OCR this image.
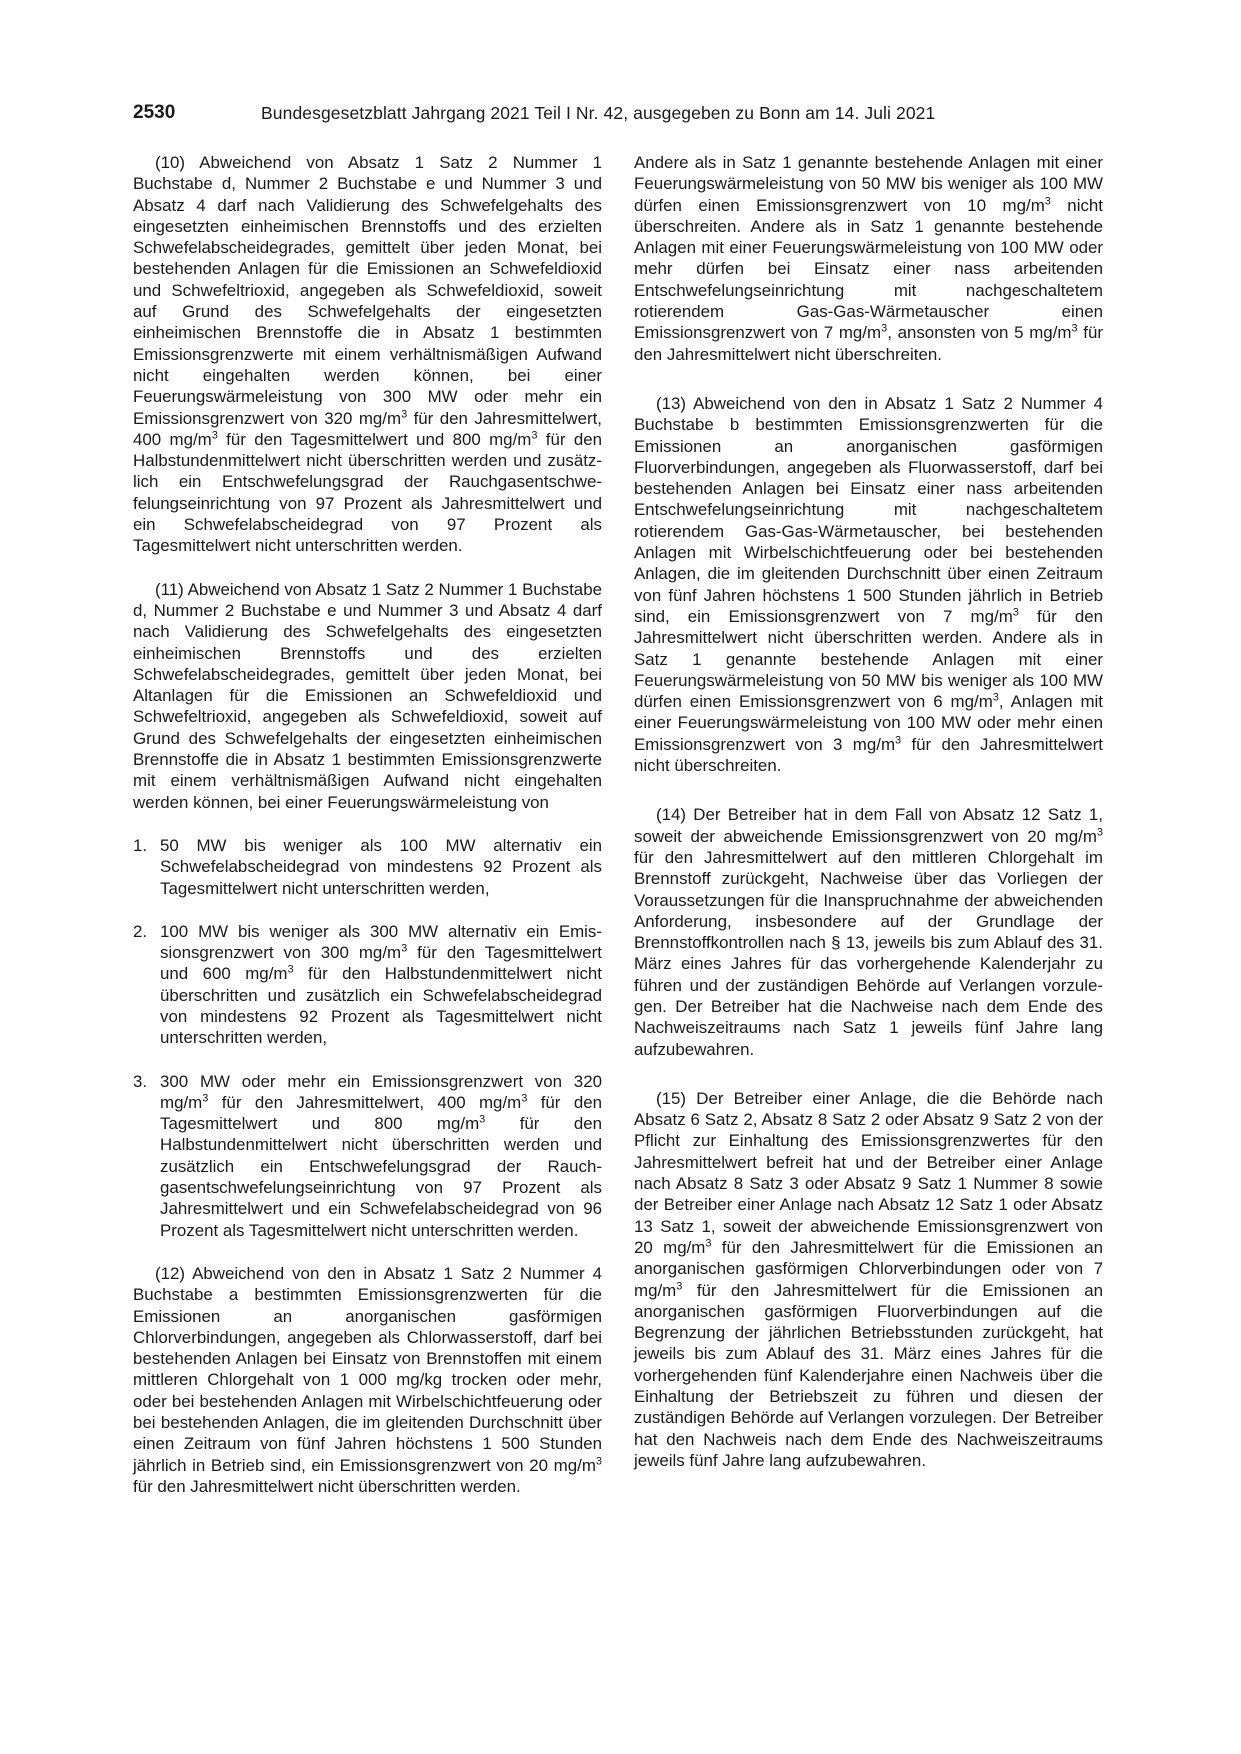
2530	Bundesgesetzblatt Jahrgang 2021 Teil I Nr. 42, ausgegeben zu Bonn am 14. Juli 2021

(10) Abweichend von Absatz 1 Satz 2 Nummer 1 Buchstabe d, Nummer 2 Buchstabe e und Nummer 3 und Absatz 4 darf nach Validierung des Schwefelgehalts des eingesetzten einheimischen Brennstoffs und des erzielten Schwefelabscheidegrades, gemittelt über jeden Monat, bei bestehenden Anlagen für die Emissionen an Schwefeldioxid und Schwefeltrioxid, angegeben als Schwefeldioxid, soweit auf Grund des Schwefelgehalts der eingesetzten einheimischen Brennstoffe die in Absatz 1 bestimmten Emissionsgrenzwerte mit einem verhältnismäßigen Aufwand nicht eingehalten werden können, bei einer Feuerungswärmeleistung von 300 MW oder mehr ein Emissionsgrenzwert von 320 $mg/m^3$ für den Jahresmittelwert, 400 $mg/m^3$ für den Tagesmittelwert und 800 $mg/m^3$ für den Halbstundenmittelwert nicht überschritten werden und zusätzlich ein Entschwefelungsgrad der Rauchgasentschwefelungseinrichtung von 97 Prozent als Jahresmittelwert und ein Schwefelabscheidegrad von 97 Prozent als Tagesmittelwert nicht unterschritten werden.

(11) Abweichend von Absatz 1 Satz 2 Nummer 1 Buchstabe d, Nummer 2 Buchstabe e und Nummer 3 und Absatz 4 darf nach Validierung des Schwefelgehalts des eingesetzten einheimischen Brennstoffs und des erzielten Schwefelabscheidegrades, gemittelt über jeden Monat, bei Altanlagen für die Emissionen an Schwefeldioxid und Schwefeltrioxid, angegeben als Schwefeldioxid, soweit auf Grund des Schwefelgehalts der eingesetzten einheimischen Brennstoffe die in Absatz 1 bestimmten Emissionsgrenzwerte mit einem verhältnismäßigen Aufwand nicht eingehalten werden können, bei einer Feuerungswärmeleistung von

1. 50 MW bis weniger als 100 MW alternativ ein Schwefelabscheidegrad von mindestens 92 Prozent als Tagesmittelwert nicht unterschritten werden,
2. 100 MW bis weniger als 300 MW alternativ ein Emissionsgrenzwert von 300 $mg/m^3$ für den Tagesmittelwert und 600 $mg/m^3$ für den Halbstundenmittelwert nicht überschritten und zusätzlich ein Schwefelabscheidegrad von mindestens 92 Prozent als Tagesmittelwert nicht unterschritten werden,
3. 300 MW oder mehr ein Emissionsgrenzwert von 320 $mg/m^3$ für den Jahresmittelwert, 400 $mg/m^3$ für den Tagesmittelwert und 800 $mg/m^3$ für den Halbstundenmittelwert nicht überschritten werden und zusätzlich ein Entschwefelungsgrad der Rauchgasentschwefelungseinrichtung von 97 Prozent als Jahresmittelwert und ein Schwefelabscheidegrad von 96 Prozent als Tagesmittelwert nicht unterschritten werden.

(12) Abweichend von den in Absatz 1 Satz 2 Nummer 4 Buchstabe a bestimmten Emissionsgrenzwerten für die Emissionen an anorganischen gasförmigen Chlorverbindungen, angegeben als Chlorwasserstoff, darf bei bestehenden Anlagen bei Einsatz von Brennstoffen mit einem mittleren Chlorgehalt von 1 000 mg/kg trocken oder mehr, oder bei bestehenden Anlagen mit Wirbelschichtfeuerung oder bei bestehenden Anlagen, die im gleitenden Durchschnitt über einen Zeitraum von fünf Jahren höchstens 1 500 Stunden jährlich in Betrieb sind, ein Emissionsgrenzwert von 20 $mg/m^3$ für den Jahresmittelwert nicht überschritten werden.

Andere als in Satz 1 genannte bestehende Anlagen mit einer Feuerungswärmeleistung von 50 MW bis weniger als 100 MW dürfen einen Emissionsgrenzwert von 10 $mg/m^3$ nicht überschreiten. Andere als in Satz 1 genannte bestehende Anlagen mit einer Feuerungswärmeleistung von 100 MW oder mehr dürfen bei Einsatz einer nass arbeitenden Entschwefelungseinrichtung mit nachgeschaltetem rotierendem Gas-Gas-Wärmetauscher einen Emissionsgrenzwert von 7 $mg/m^3$, ansonsten von 5 $mg/m^3$ für den Jahresmittelwert nicht überschreiten.

(13) Abweichend von den in Absatz 1 Satz 2 Nummer 4 Buchstabe b bestimmten Emissionsgrenzwerten für die Emissionen an anorganischen gasförmigen Fluorverbindungen, angegeben als Fluorwasserstoff, darf bei bestehenden Anlagen bei Einsatz einer nass arbeitenden Entschwefelungseinrichtung mit nachgeschaltetem rotierendem Gas-Gas-Wärmetauscher, bei bestehenden Anlagen mit Wirbelschichtfeuerung oder bei bestehenden Anlagen, die im gleitenden Durchschnitt über einen Zeitraum von fünf Jahren höchstens 1 500 Stunden jährlich in Betrieb sind, ein Emissionsgrenzwert von 7 $mg/m^3$ für den Jahresmittelwert nicht überschritten werden. Andere als in Satz 1 genannte bestehende Anlagen mit einer Feuerungswärmeleistung von 50 MW bis weniger als 100 MW dürfen einen Emissionsgrenzwert von 6 $mg/m^3$, Anlagen mit einer Feuerungswärmeleistung von 100 MW oder mehr einen Emissionsgrenzwert von 3 $mg/m^3$ für den Jahresmittelwert nicht überschreiten.

(14) Der Betreiber hat in dem Fall von Absatz 12 Satz 1, soweit der abweichende Emissionsgrenzwert von 20 $mg/m^3$ für den Jahresmittelwert auf den mittleren Chlorgehalt im Brennstoff zurückgeht, Nachweise über das Vorliegen der Voraussetzungen für die Inanspruchnahme der abweichenden Anforderung, insbesondere auf der Grundlage der Brennstoffkontrollen nach § 13, jeweils bis zum Ablauf des 31. März eines Jahres für das vorhergehende Kalenderjahr zu führen und der zuständigen Behörde auf Verlangen vorzulegen. Der Betreiber hat die Nachweise nach dem Ende des Nachweiszeitraums nach Satz 1 jeweils fünf Jahre lang aufzubewahren.

(15) Der Betreiber einer Anlage, die die Behörde nach Absatz 6 Satz 2, Absatz 8 Satz 2 oder Absatz 9 Satz 2 von der Pflicht zur Einhaltung des Emissionsgrenzwertes für den Jahresmittelwert befreit hat und der Betreiber einer Anlage nach Absatz 8 Satz 3 oder Absatz 9 Satz 1 Nummer 8 sowie der Betreiber einer Anlage nach Absatz 12 Satz 1 oder Absatz 13 Satz 1, soweit der abweichende Emissionsgrenzwert von 20 $mg/m^3$ für den Jahresmittelwert für die Emissionen an anorganischen gasförmigen Chlorverbindungen oder von 7 $mg/m^3$ für den Jahresmittelwert für die Emissionen an anorganischen gasförmigen Fluorverbindungen auf die Begrenzung der jährlichen Betriebsstunden zurückgeht, hat jeweils bis zum Ablauf des 31. März eines Jahres für die vorhergehenden fünf Kalenderjahre einen Nachweis über die Einhaltung der Betriebszeit zu führen und diesen der zuständigen Behörde auf Verlangen vorzulegen. Der Betreiber hat den Nachweis nach dem Ende des Nachweiszeitraums jeweils fünf Jahre lang aufzubewahren.
